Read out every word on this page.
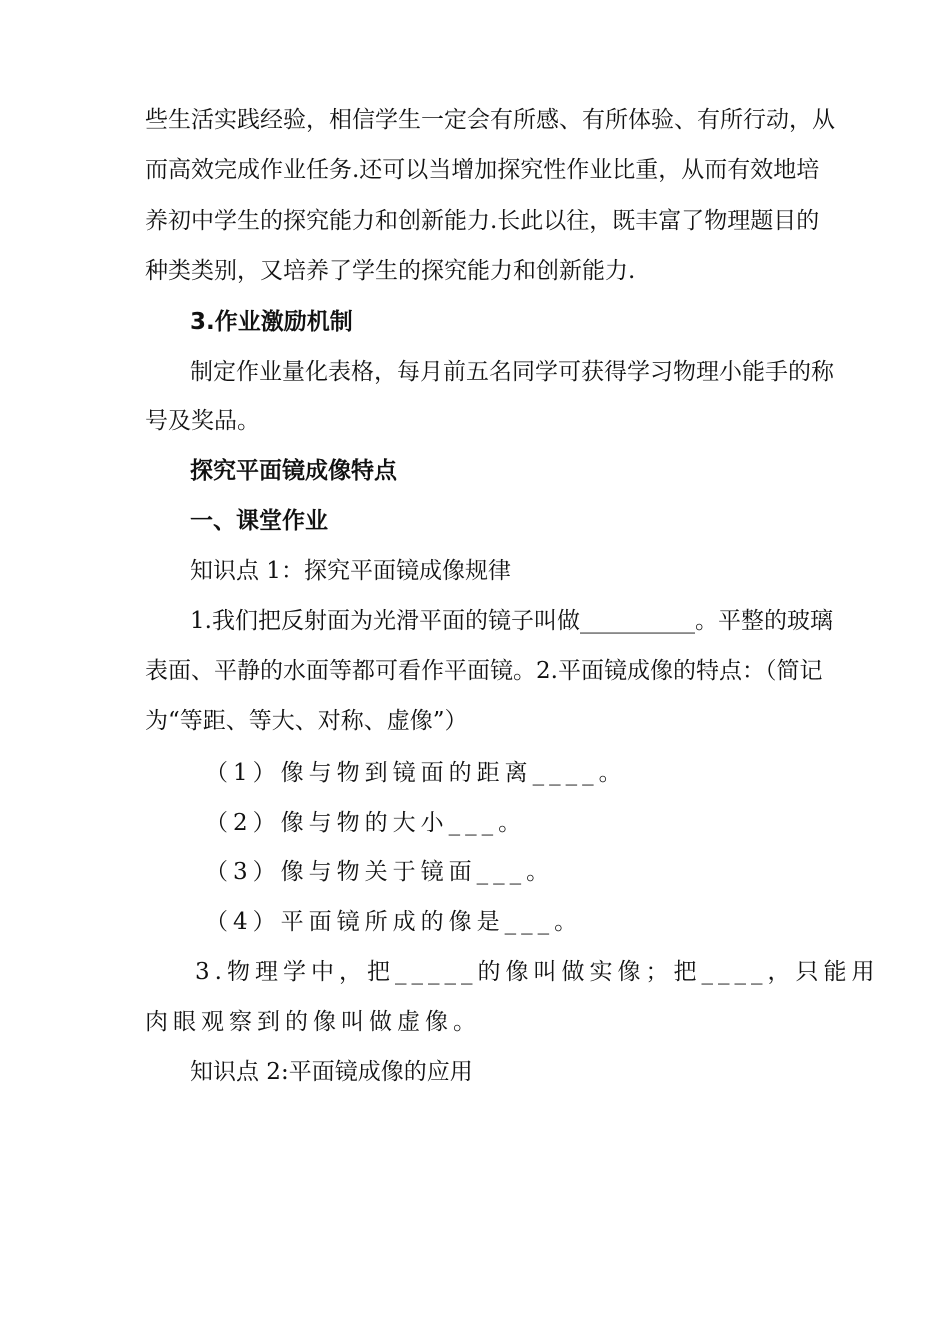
些生活实践经验，相信学生一定会有所感、有所体验、有所行动，从
而高效完成作业任务.还可以当增加探究性作业比重，从而有效地培
养初中学生的探究能力和创新能力.长此以往，既丰富了物理题目的
种类类别，又培养了学生的探究能力和创新能力.
3.作业激励机制
制定作业量化表格，每月前五名同学可获得学习物理小能手的称
号及奖品。
探究平面镜成像特点
一、课堂作业
知识点 1：探究平面镜成像规律
1.我们把反射面为光滑平面的镜子叫做__________。平整的玻璃
表面、平静的水面等都可看作平面镜。2.平面镜成像的特点：（简记
为“等距、等大、对称、虚像”）
（1）像与物到镜面的距离____。
（2）像与物的大小___。
（3）像与物关于镜面___。
（4）平面镜所成的像是___。
3.物理学中，把_____的像叫做实像；把____，只能用
肉眼观察到的像叫做虚像。
知识点 2:平面镜成像的应用
